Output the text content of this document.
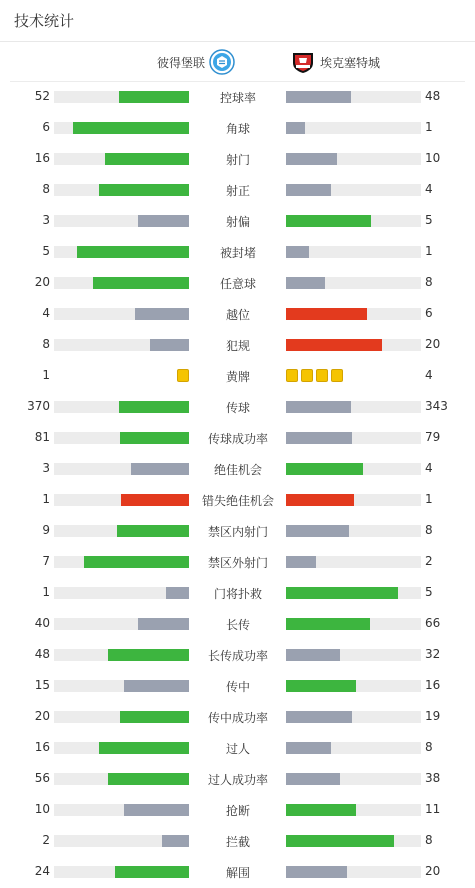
技术统计
彼得堡联	埃克塞特城
52	控球率	48
6	角球	1
16	射门	10
8	射正	4
3	射偏	5
5	被封堵	1
20	任意球	8
4	越位	6
8	犯规	20
1	黄牌	4
370	传球	343
81	传球成功率	79
3	绝佳机会	4
1	错失绝佳机会	1
9	禁区内射门	8
7	禁区外射门	2
1	门将扑救	5
40	长传	66
48	长传成功率	32
15	传中	16
20	传中成功率	19
16	过人	8
56	过人成功率	38
10	抢断	11
2	拦截	8
24	解围	20
